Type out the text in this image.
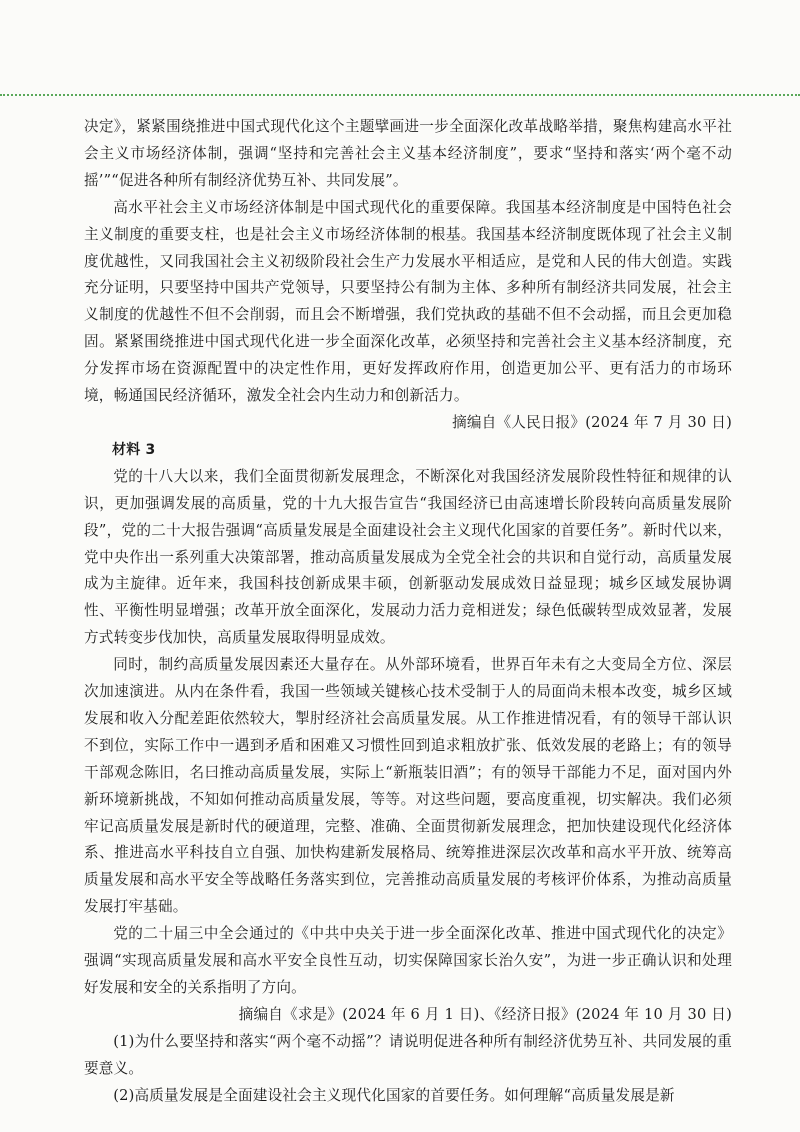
决定》，紧紧围绕推进中国式现代化这个主题擘画进一步全面深化改革战略举措，聚焦构建高水平社会主义市场经济体制，强调“坚持和完善社会主义基本经济制度”，要求“坚持和落实‘两个毫不动摇’”“促进各种所有制经济优势互补、共同发展”。

高水平社会主义市场经济体制是中国式现代化的重要保障。我国基本经济制度是中国特色社会主义制度的重要支柱，也是社会主义市场经济体制的根基。我国基本经济制度既体现了社会主义制度优越性，又同我国社会主义初级阶段社会生产力发展水平相适应，是党和人民的伟大创造。实践充分证明，只要坚持中国共产党领导，只要坚持公有制为主体、多种所有制经济共同发展，社会主义制度的优越性不但不会削弱，而且会不断增强，我们党执政的基础不但不会动摇，而且会更加稳固。紧紧围绕推进中国式现代化进一步全面深化改革，必须坚持和完善社会主义基本经济制度，充分发挥市场在资源配置中的决定性作用，更好发挥政府作用，创造更加公平、更有活力的市场环境，畅通国民经济循环，激发全社会内生动力和创新活力。

摘编自《人民日报》(2024 年 7 月 30 日)

材料 3

党的十八大以来，我们全面贯彻新发展理念，不断深化对我国经济发展阶段性特征和规律的认识，更加强调发展的高质量，党的十九大报告宣告“我国经济已由高速增长阶段转向高质量发展阶段”，党的二十大报告强调“高质量发展是全面建设社会主义现代化国家的首要任务”。新时代以来，党中央作出一系列重大决策部署，推动高质量发展成为全党全社会的共识和自觉行动，高质量发展成为主旋律。近年来，我国科技创新成果丰硕，创新驱动发展成效日益显现；城乡区域发展协调性、平衡性明显增强；改革开放全面深化，发展动力活力竞相迸发；绿色低碳转型成效显著，发展方式转变步伐加快，高质量发展取得明显成效。

同时，制约高质量发展因素还大量存在。从外部环境看，世界百年未有之大变局全方位、深层次加速演进。从内在条件看，我国一些领域关键核心技术受制于人的局面尚未根本改变，城乡区域发展和收入分配差距依然较大，掣肘经济社会高质量发展。从工作推进情况看，有的领导干部认识不到位，实际工作中一遇到矛盾和困难又习惯性回到追求粗放扩张、低效发展的老路上；有的领导干部观念陈旧，名曰推动高质量发展，实际上“新瓶装旧酒”；有的领导干部能力不足，面对国内外新环境新挑战，不知如何推动高质量发展，等等。对这些问题，要高度重视，切实解决。我们必须牢记高质量发展是新时代的硬道理，完整、准确、全面贯彻新发展理念，把加快建设现代化经济体系、推进高水平科技自立自强、加快构建新发展格局、统筹推进深层次改革和高水平开放、统筹高质量发展和高水平安全等战略任务落实到位，完善推动高质量发展的考核评价体系，为推动高质量发展打牢基础。

党的二十届三中全会通过的《中共中央关于进一步全面深化改革、推进中国式现代化的决定》强调“实现高质量发展和高水平安全良性互动，切实保障国家长治久安”，为进一步正确认识和处理好发展和安全的关系指明了方向。

摘编自《求是》(2024 年 6 月 1 日)、《经济日报》(2024 年 10 月 30 日)

(1)为什么要坚持和落实“两个毫不动摇”？请说明促进各种所有制经济优势互补、共同发展的重要意义。

(2)高质量发展是全面建设社会主义现代化国家的首要任务。如何理解“高质量发展是新
